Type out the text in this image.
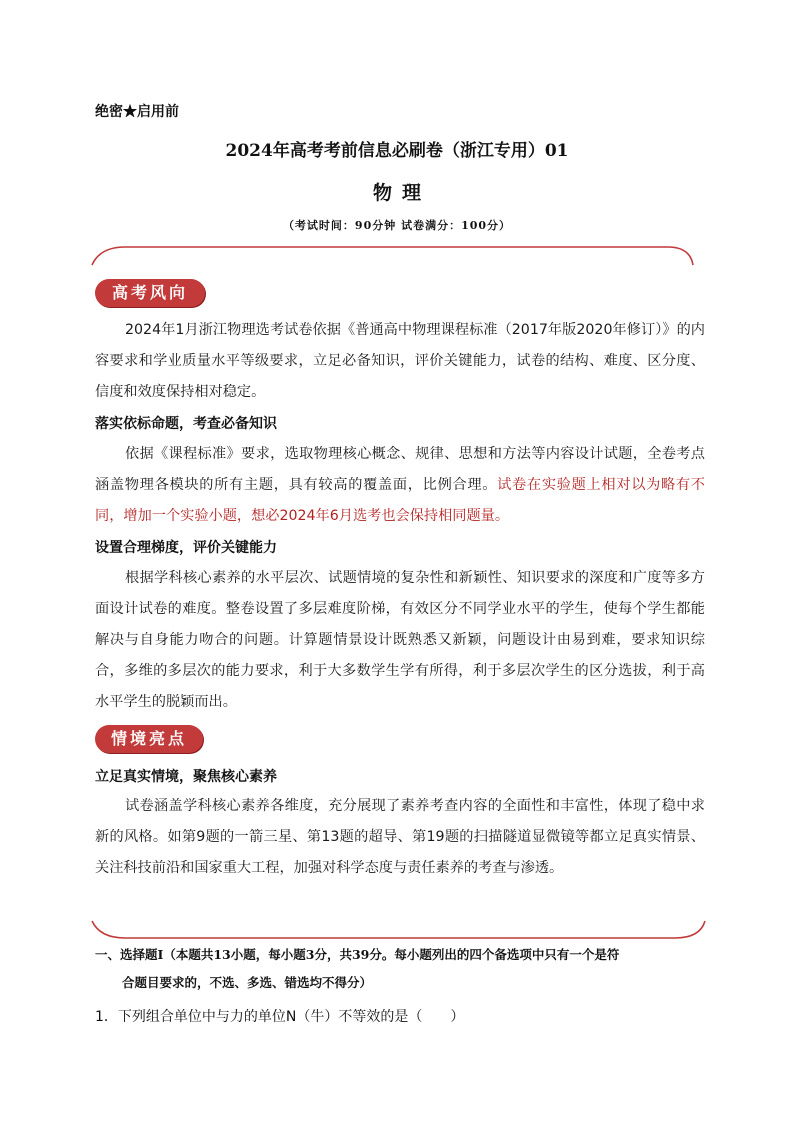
绝密★启用前
2024年高考考前信息必刷卷（浙江专用）01
物理
（考试时间：90分钟 试卷满分：100分）
高考风向
2024年1月浙江物理选考试卷依据《普通高中物理课程标准（2017年版2020年修订）》的内容要求和学业质量水平等级要求，立足必备知识，评价关键能力，试卷的结构、难度、区分度、信度和效度保持相对稳定。
落实依标命题，考查必备知识
依据《课程标准》要求，选取物理核心概念、规律、思想和方法等内容设计试题，全卷考点涵盖物理各模块的所有主题，具有较高的覆盖面，比例合理。试卷在实验题上相对以为略有不同，增加一个实验小题，想必2024年6月选考也会保持相同题量。
设置合理梯度，评价关键能力
根据学科核心素养的水平层次、试题情境的复杂性和新颖性、知识要求的深度和广度等多方面设计试卷的难度。整卷设置了多层难度阶梯，有效区分不同学业水平的学生，使每个学生都能解决与自身能力吻合的问题。计算题情景设计既熟悉又新颖，问题设计由易到难，要求知识综合，多维的多层次的能力要求，利于大多数学生学有所得，利于多层次学生的区分选拔，利于高水平学生的脱颖而出。
情境亮点
立足真实情境，聚焦核心素养
试卷涵盖学科核心素养各维度，充分展现了素养考查内容的全面性和丰富性，体现了稳中求新的风格。如第9题的一箭三星、第13题的超导、第19题的扫描隧道显微镜等都立足真实情景、关注科技前沿和国家重大工程，加强对科学态度与责任素养的考查与渗透。
一、选择题Ⅰ（本题共13小题，每小题3分，共39分。每小题列出的四个备选项中只有一个是符
合题目要求的，不选、多选、错选均不得分）
1．下列组合单位中与力的单位N（牛）不等效的是（　　）
